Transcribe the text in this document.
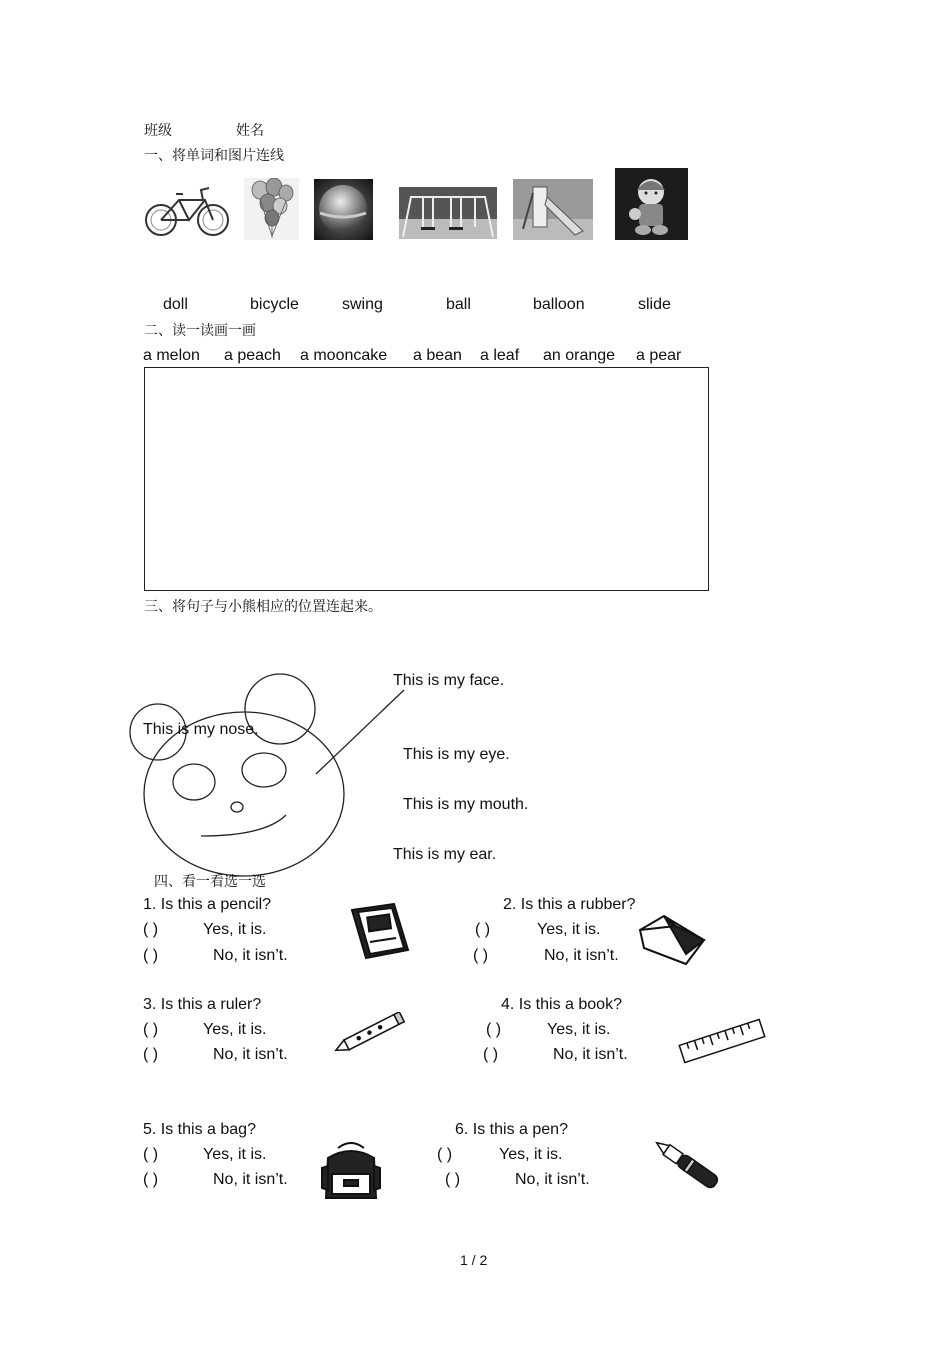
班级	姓名
一、将单词和图片连线
doll	bicycle	swing	ball	balloon	slide
二、读一读画一画
a melon a peach a mooncake a bean a leaf an orange a pear
三、将句子与小熊相应的位置连起来。
This is my face.
This is my nose.
This is my eye.
This is my mouth.
This is my ear.
四、看一看选一选
1. Is this a pencil?
( )	Yes, it is.
( )	No, it isn’t.
2. Is this a rubber?
( )	Yes, it is.
( )	No, it isn’t.
3. Is this a ruler?
( )	Yes, it is.
( )	No, it isn’t.
4. Is this a book?
( )	Yes, it is.
( )	No, it isn’t.
5. Is this a bag?
( )	Yes, it is.
( )	No, it isn’t.
6. Is this a pen?
( )	Yes, it is.
( )	No, it isn’t.
1 / 2
